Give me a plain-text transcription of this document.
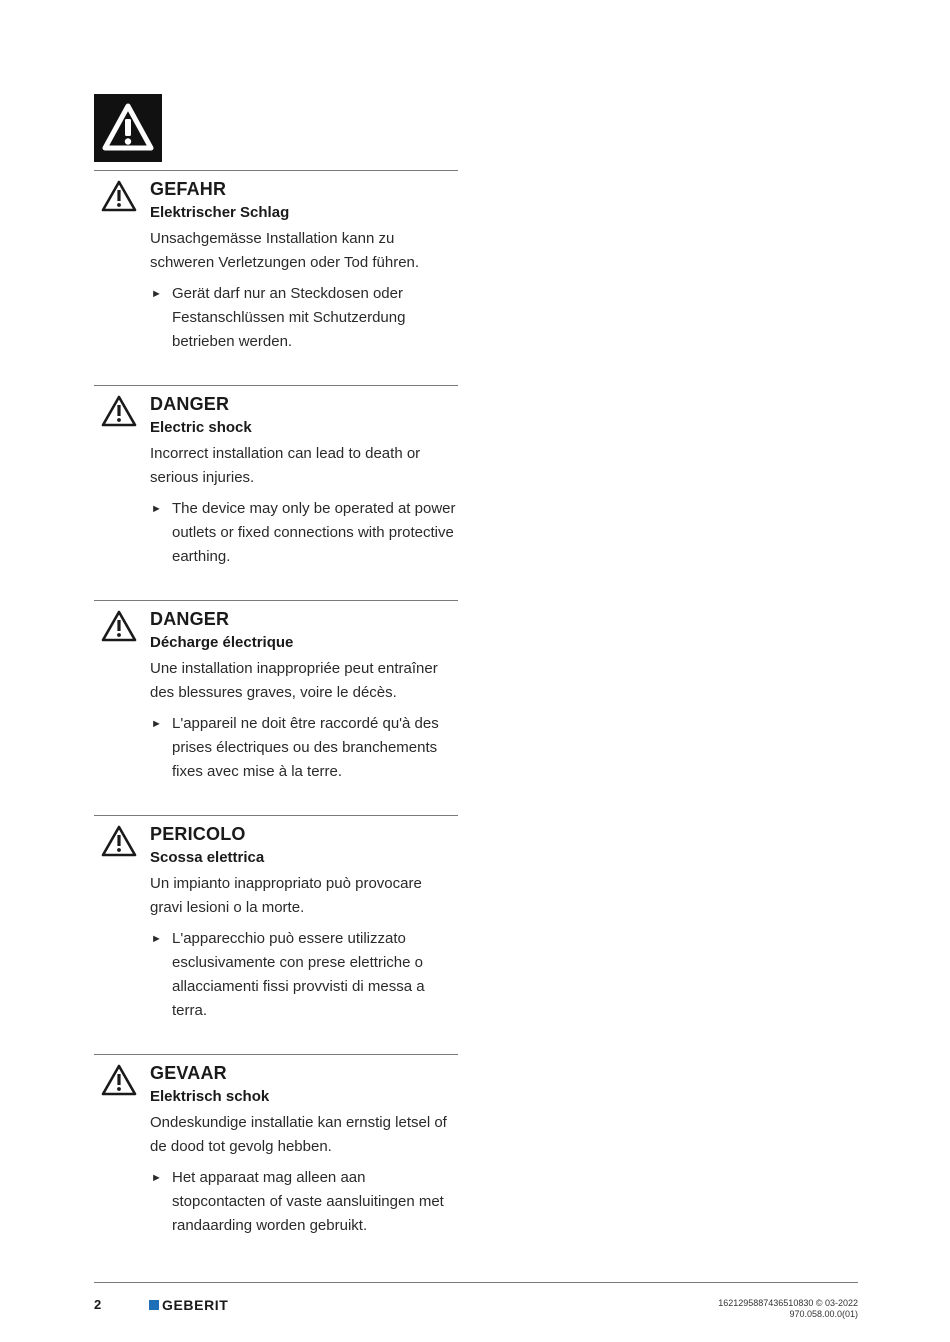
GEFAHR
Elektrischer Schlag
Unsachgemässe Installation kann zu schweren Verletzungen oder Tod führen.
► Gerät darf nur an Steckdosen oder Festanschlüssen mit Schutzerdung betrieben werden.
DANGER
Electric shock
Incorrect installation can lead to death or serious injuries.
► The device may only be operated at power outlets or fixed connections with protective earthing.
DANGER
Décharge électrique
Une installation inappropriée peut entraîner des blessures graves, voire le décès.
► L'appareil ne doit être raccordé qu'à des prises électriques ou des branchements fixes avec mise à la terre.
PERICOLO
Scossa elettrica
Un impianto inappropriato può provocare gravi lesioni o la morte.
► L'apparecchio può essere utilizzato esclusivamente con prese elettriche o allacciamenti fissi provvisti di messa a terra.
GEVAAR
Elektrisch schok
Ondeskundige installatie kan ernstig letsel of de dood tot gevolg hebben.
► Het apparaat mag alleen aan stopcontacten of vaste aansluitingen met randaarding worden gebruikt.
2	GEBERIT	1621295887436510830 © 03-2022
970.058.00.0(01)
